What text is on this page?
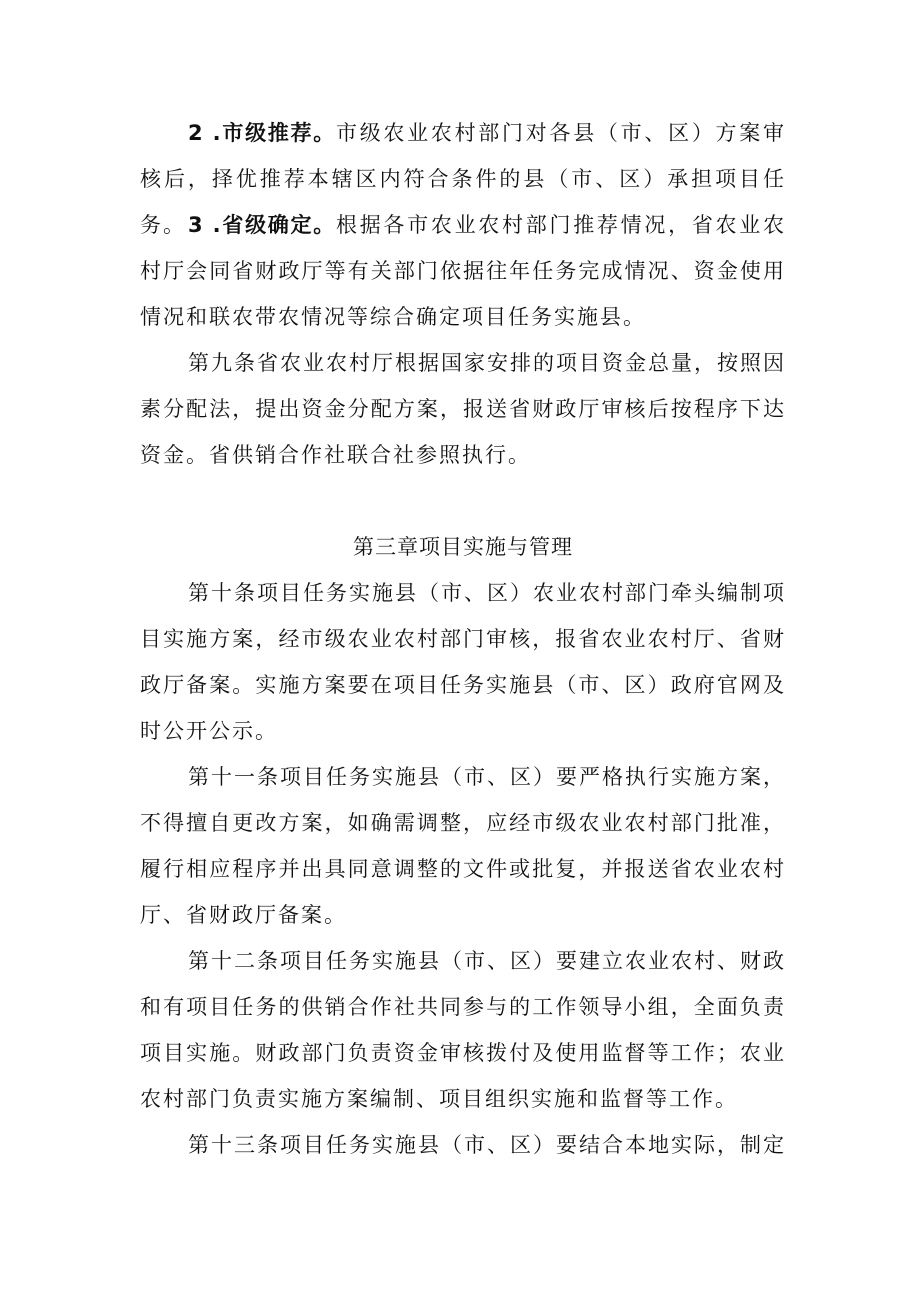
2 .市级推荐。市级农业农村部门对各县（市、区）方案审核后，择优推荐本辖区内符合条件的县（市、区）承担项目任务。 3 .省级确定。根据各市农业农村部门推荐情况，省农业农村厅会同省财政厅等有关部门依据往年任务完成情况、资金使用情况和联农带农情况等综合确定项目任务实施县。

第九条省农业农村厅根据国家安排的项目资金总量，按照因素分配法，提出资金分配方案，报送省财政厅审核后按程序下达资金。省供销合作社联合社参照执行。

第三章项目实施与管理

第十条项目任务实施县（市、区）农业农村部门牵头编制项目实施方案，经市级农业农村部门审核，报省农业农村厅、省财政厅备案。实施方案要在项目任务实施县（市、区）政府官网及时公开公示。

第十一条项目任务实施县（市、区）要严格执行实施方案，不得擅自更改方案，如确需调整，应经市级农业农村部门批准，履行相应程序并出具同意调整的文件或批复，并报送省农业农村厅、省财政厅备案。

第十二条项目任务实施县（市、区）要建立农业农村、财政和有项目任务的供销合作社共同参与的工作领导小组，全面负责项目实施。财政部门负责资金审核拨付及使用监督等工作；农业农村部门负责实施方案编制、项目组织实施和监督等工作。

第十三条项目任务实施县（市、区）要结合本地实际，制定
